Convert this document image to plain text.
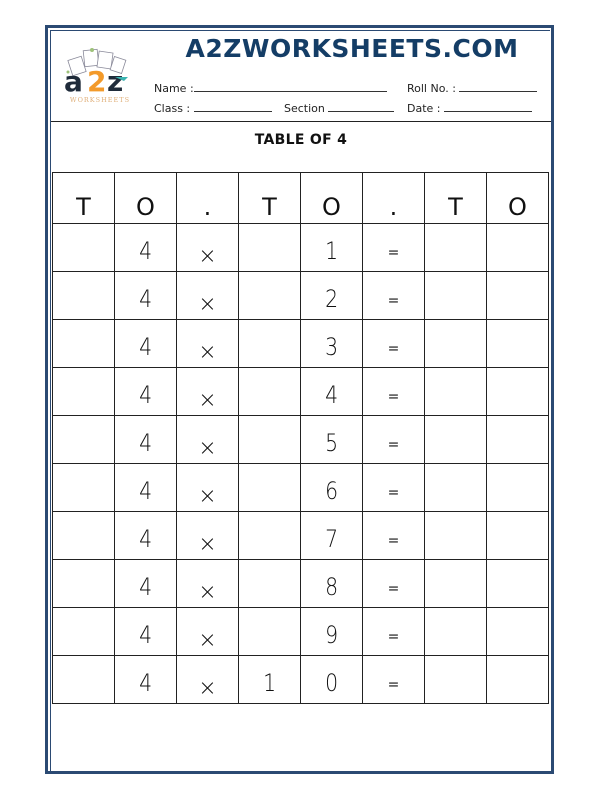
a 2 z
WORKSHEETS
A2ZWORKSHEETS.COM
Name :	Roll No. :
Class :	Section	Date :
TABLE OF 4
T	O	.	T	O	.	T	O
	4	×		1	=		
	4	×		2	=		
	4	×		3	=		
	4	×		4	=		
	4	×		5	=		
	4	×		6	=		
	4	×		7	=		
	4	×		8	=		
	4	×		9	=		
	4	×	1	0	=		
